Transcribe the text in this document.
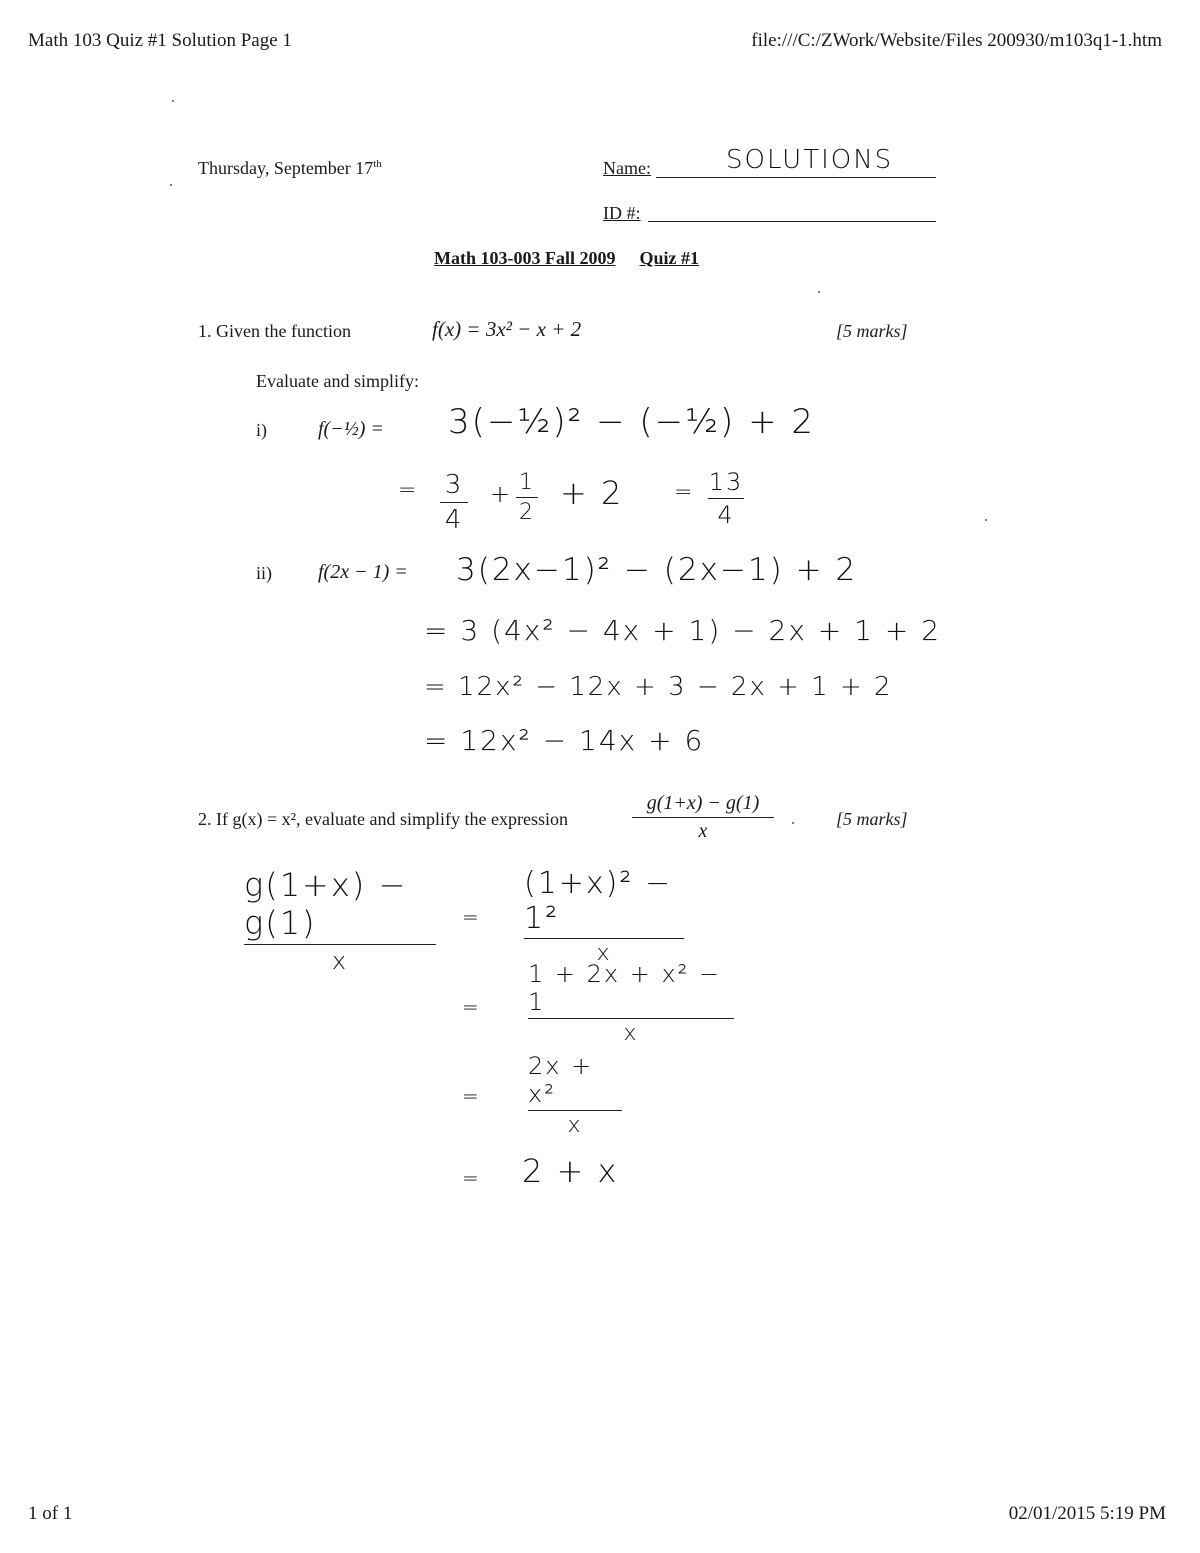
Math 103 Quiz #1 Solution Page 1	file:///C:/ZWork/Website/Files 200930/m103q1-1.htm
Thursday, September 17th	Name:	SOLUTIONS
ID #:
Math 103-003 Fall 2009 Quiz #1
1. Given the function	f(x) = 3x² − x + 2	[5 marks]
Evaluate and simplify:
i)	f(−½) = 3(−½)² − (−½) + 2
= 3
4
+ 1
2
+ 2 = 13
4
ii) f(2x − 1) = 3(2x−1)² − (2x−1) + 2
= 3 (4x² − 4x + 1) − 2x + 1 + 2
= 12x² − 12x + 3 − 2x + 1 + 2
= 12x² − 14x + 6
2. If g(x) = x², evaluate and simplify the expression
g(1+x) − g(1)
x
[5 marks]
g(1+x) − g(1)
x
=
(1+x)² − 1²
x
=
1 + 2x + x² − 1
x
=
2x + x²
x
= 2 + x
1 of 1	02/01/2015 5:19 PM
